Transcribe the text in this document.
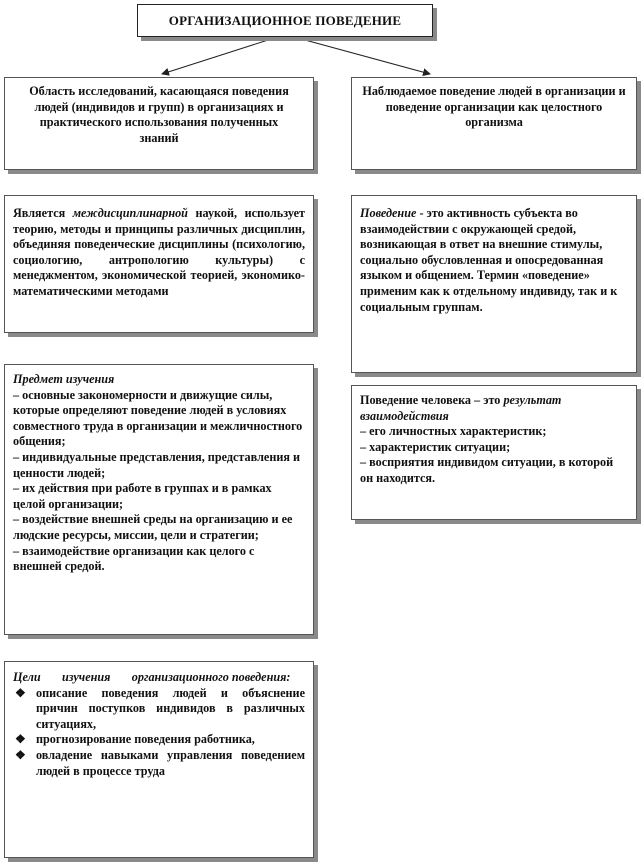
ОРГАНИЗАЦИОННОЕ ПОВЕДЕНИЕ
Область исследований, касающаяся поведения людей (индивидов и групп) в организациях и практического использования полученных знаний
Наблюдаемое поведение людей в организации и поведение организации как целостного организма
Является междисциплинарной наукой, использует теорию, методы и принципы различных дисциплин, объединяя поведенческие дисциплины (психологию, социологию, антропологию культуры) с менеджментом, экономической теорией, экономико-математическими методами
Поведение - это активность субъекта во взаимодействии с окружающей средой, возникающая в ответ на внешние стимулы, социально обусловленная и опосредованная языком и общением. Термин «поведение» применим как к отдельному индивиду, так и к социальным группам.
Предмет изучения
– основные закономерности и движущие силы, которые определяют поведение людей в условиях совместного труда в организации и межличностного общения;
– индивидуальные представления, представления и ценности людей;
– их действия при работе в группах и в рамках целой организации;
– воздействие внешней среды на организацию и ее людские ресурсы, миссии, цели и стратегии;
– взаимодействие организации как целого с внешней средой.
Поведение человека – это результат взаимодействия
– его личностных характеристик;
– характеристик ситуации;
– восприятия индивидом ситуации, в которой он находится.
Цели       изучения       организационного поведения:
❖ описание поведения людей и объяснение причин поступков индивидов в различных ситуациях,
❖ прогнозирование поведения работника,
❖ овладение навыками управления поведением людей в процессе труда
